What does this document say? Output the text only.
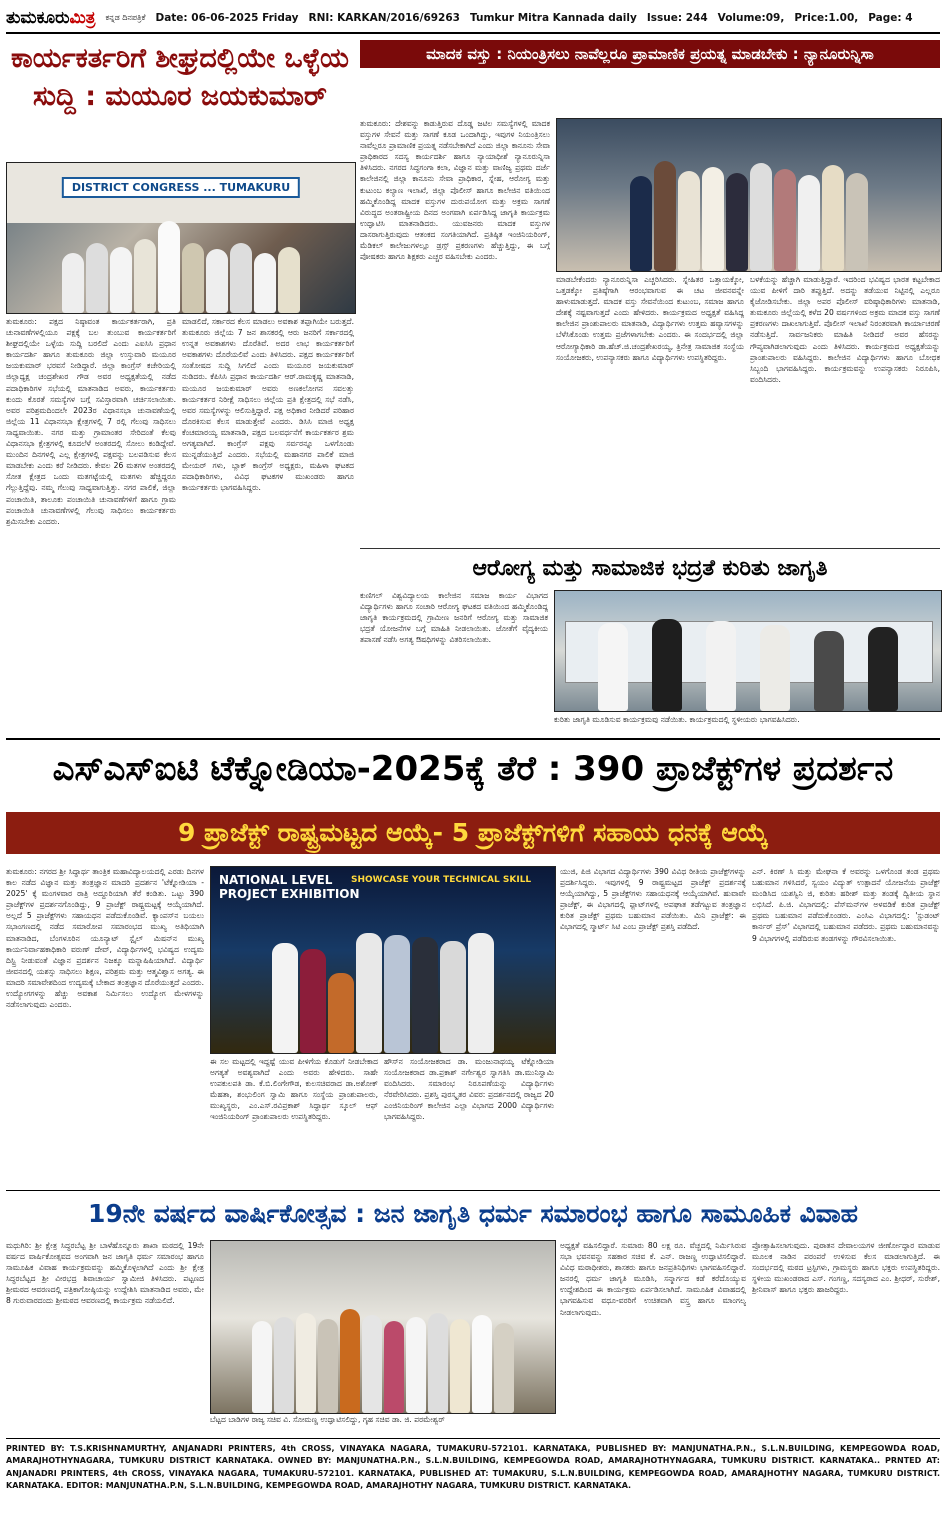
ತುಮಕೂರುಮಿತ್ರ ಕನ್ನಡ ದಿನಪತ್ರಿಕೆ Date: 06-06-2025 Friday RNI: KARKAN/2016/69263 Tumkur Mitra Kannada daily Issue: 244 Volume:09, Price:1.00, Page: 4
ಕಾರ್ಯಕರ್ತರಿಗೆ ಶೀಘ್ರದಲ್ಲಿಯೇ ಒಳ್ಳೆಯ ಸುದ್ದಿ : ಮಯೂರ ಜಯಕುಮಾರ್
DISTRICT CONGRESS ... TUMAKURU

ತುಮಕೂರು: ಪಕ್ಷದ ನಿಷ್ಠಾವಂತ ಕಾರ್ಯಕರ್ತರಾಗಿ, ಪ್ರತಿ ಚುನಾವಣೆಗಳಲ್ಲಿಯೂ ಪಕ್ಷಕ್ಕೆ ಬಲ ತುಂಬುವ ಕಾರ್ಯಕರ್ತರಿಗೆ ಶೀಘ್ರದಲ್ಲಿಯೇ ಒಳ್ಳೆಯ ಸುದ್ದಿ ಬರಲಿದೆ ಎಂದು ಎಐಸಿಸಿ ಪ್ರಧಾನ ಕಾರ್ಯದರ್ಶಿ ಹಾಗೂ ತುಮಕೂರು ಜಿಲ್ಲಾ ಉಸ್ತುವಾರಿ ಮಯೂರ ಜಯಕುಮಾರ್ ಭರವಸೆ ನೀಡಿದ್ದಾರೆ. ಜಿಲ್ಲಾ ಕಾಂಗ್ರೆಸ್ ಕಚೇರಿಯಲ್ಲಿ ಜಿಲ್ಲಾಧ್ಯಕ್ಷ ಚಂದ್ರಶೇಖರ ಗೌಡ ಅವರ ಅಧ್ಯಕ್ಷತೆಯಲ್ಲಿ ನಡೆದ ಪದಾಧಿಕಾರಿಗಳ ಸಭೆಯಲ್ಲಿ ಮಾತನಾಡಿದ ಅವರು, ಕಾರ್ಯಕರ್ತರು ಕುಂದು ಕೊರತೆ ಸಮಸ್ಯೆಗಳ ಬಗ್ಗೆ ಸವಿಸ್ತಾರವಾಗಿ ಚರ್ಚಿಸಲಾಯಿತು. ಅವರ ಪರಿಶ್ರಮದಿಂದಲೇ 2023ರ ವಿಧಾನಸಭಾ ಚುನಾವಣೆಯಲ್ಲಿ ಜಿಲ್ಲೆಯ 11 ವಿಧಾನಸಭಾ ಕ್ಷೇತ್ರಗಳಲ್ಲಿ 7 ರಲ್ಲಿ ಗೆಲುವು ಸಾಧಿಸಲು ಸಾಧ್ಯವಾಯಿತು. ನಗರ ಮತ್ತು ಗ್ರಾಮಾಂತರ ಸೇರಿದಂತೆ ಕೆಲವು ವಿಧಾನಸಭಾ ಕ್ಷೇತ್ರಗಳಲ್ಲಿ ಕೂದಲೆಳೆ ಅಂತರದಲ್ಲಿ ಸೋಲು ಕಂಡಿದ್ದೇವೆ. ಮುಂದಿನ ದಿನಗಳಲ್ಲಿ ಎಲ್ಲ ಕ್ಷೇತ್ರಗಳಲ್ಲಿ ಪಕ್ಷವನ್ನು ಬಲಪಡಿಸುವ ಕೆಲಸ ಮಾಡಬೇಕು ಎಂದು ಕರೆ ನೀಡಿದರು. ಕೇವಲ 26 ಮತಗಳ ಅಂತರದಲ್ಲಿ ಸೋತ ಕ್ಷೇತ್ರದ ಒಂದು ಮತಗಟ್ಟೆಯಲ್ಲಿ ಮತಗಳು ಹೆಚ್ಚಿದ್ದರೂ ಗೆಲ್ಲುತ್ತಿದ್ದೆವು. ನಮ್ಮ ಗೆಲುವು ಸಾಧ್ಯವಾಗುತ್ತಿತ್ತು. ನಗರ ಪಾಲಿಕೆ, ಜಿಲ್ಲಾ ಪಂಚಾಯಿತಿ, ತಾಲೂಕು ಪಂಚಾಯಿತಿ ಚುನಾವಣೆಗಳಿಗೆ ಹಾಗೂ ಗ್ರಾಮ ಪಂಚಾಯಿತಿ ಚುನಾವಣೆಗಳಲ್ಲಿ ಗೆಲುವು ಸಾಧಿಸಲು ಕಾರ್ಯಕರ್ತರು ಶ್ರಮಿಸಬೇಕು ಎಂದರು.

ಮಾಡಲಿದೆ, ಸರ್ಕಾರದ ಕೆಲಸ ಮಾಡಲು ಅವಕಾಶ ತಪ್ಪಾಗಿಯೇ ಬರುತ್ತದೆ. ತುಮಕೂರು ಜಿಲ್ಲೆಯ 7 ಜನ ಶಾಸಕರಲ್ಲಿ ಆರು ಜನರಿಗೆ ಸರ್ಕಾರದಲ್ಲಿ ಉನ್ನತ ಅವಕಾಶಗಳು ದೊರೆತಿವೆ. ಅದರ ಲಾಭ ಕಾರ್ಯಕರ್ತರಿಗೆ ಅವಕಾಶಗಳು ದೊರೆಯಲಿವೆ ಎಂದು ತಿಳಿಸಿದರು. ಪಕ್ಷದ ಕಾರ್ಯಕರ್ತರಿಗೆ ಸಂತೋಷದ ಸುದ್ದಿ ಸಿಗಲಿದೆ ಎಂದು ಮಯೂರ ಜಯಕುಮಾರ್ ನುಡಿದರು. ಕೆಪಿಸಿಸಿ ಪ್ರಧಾನ ಕಾರ್ಯದರ್ಶಿ ಆರ್.ರಾಮಕೃಷ್ಣ ಮಾತನಾಡಿ, ಮಯೂರ ಜಯಕುಮಾರ್ ಅವರು ಅಣಕಲೋಗನ ಸವಲತ್ತು ಕಾರ್ಯಕರ್ತರ ನಿರೀಕ್ಷೆ ಸಾಧಿಸಲು ಜಿಲ್ಲೆಯ ಪ್ರತಿ ಕ್ಷೇತ್ರದಲ್ಲಿ ಸಭೆ ನಡೆಸಿ, ಅವರ ಸಮಸ್ಯೆಗಳನ್ನು ಆಲಿಸುತ್ತಿದ್ದಾರೆ. ಪಕ್ಷ ಅಧಿಕಾರ ನೀಡಿದರೆ ಪರಿಹಾರ ದೊರಕಿಸುವ ಕೆಲಸ ಮಾಡುತ್ತೇವೆ ಎಂದರು. ಡಿಸಿಸಿ ಮಾಜಿ ಅಧ್ಯಕ್ಷ ಕೆಂಚಮಾರಯ್ಯ ಮಾತನಾಡಿ, ಪಕ್ಷದ ಬಲವರ್ಧನೆಗೆ ಕಾರ್ಯಕರ್ತರ ಶ್ರಮ ಅಗತ್ಯವಾಗಿದೆ. ಕಾಂಗ್ರೆಸ್ ಪಕ್ಷವು ಸರ್ವರನ್ನೂ ಒಳಗೊಂಡು ಮುನ್ನಡೆಯುತ್ತಿದೆ ಎಂದರು. ಸಭೆಯಲ್ಲಿ ಮಹಾನಗರ ಪಾಲಿಕೆ ಮಾಜಿ ಮೇಯರ್ ಗಳು, ಬ್ಲಾಕ್ ಕಾಂಗ್ರೆಸ್ ಅಧ್ಯಕ್ಷರು, ಮಹಿಳಾ ಘಟಕದ ಪದಾಧಿಕಾರಿಗಳು, ವಿವಿಧ ಘಟಕಗಳ ಮುಖಂಡರು ಹಾಗೂ ಕಾರ್ಯಕರ್ತರು ಭಾಗವಹಿಸಿದ್ದರು.

ಮಾದಕ ವಸ್ತು : ನಿಯಂತ್ರಿಸಲು ನಾವೆಲ್ಲರೂ ಪ್ರಾಮಾಣಿಕ ಪ್ರಯತ್ನ ಮಾಡಬೇಕು : ನ್ಯಾನೂರುನ್ನಿಸಾ

ತುಮಕೂರು: ದೇಶವನ್ನು ಕಾಡುತ್ತಿರುವ ದೊಡ್ಡ ಜಟಿಲ ಸಮಸ್ಯೆಗಳಲ್ಲಿ ಮಾದಕ ವಸ್ತುಗಳ ಸೇವನೆ ಮತ್ತು ಸಾಗಣೆ ಕೂಡ ಒಂದಾಗಿದ್ದು, ಇವುಗಳ ನಿಯಂತ್ರಿಸಲು ನಾವೆಲ್ಲರೂ ಪ್ರಾಮಾಣಿಕ ಪ್ರಯತ್ನ ನಡೆಸಬೇಕಾಗಿದೆ ಎಂದು ಜಿಲ್ಲಾ ಕಾನೂನು ಸೇವಾ ಪ್ರಾಧಿಕಾರದ ಸದಸ್ಯ ಕಾರ್ಯದರ್ಶಿ ಹಾಗೂ ನ್ಯಾಯಾಧೀಶೆ ನ್ಯಾನೂರುನ್ನಿಸಾ ತಿಳಿಸಿದರು. ನಗರದ ಸಿದ್ಧಗಂಗಾ ಕಲಾ, ವಿಜ್ಞಾನ ಮತ್ತು ವಾಣಿಜ್ಯ ಪ್ರಥಮ ದರ್ಜೆ ಕಾಲೇಜಿನಲ್ಲಿ ಜಿಲ್ಲಾ ಕಾನೂನು ಸೇವಾ ಪ್ರಾಧಿಕಾರ, ಸ್ನೇಹ, ಆರೋಗ್ಯ ಮತ್ತು ಕುಟುಂಬ ಕಲ್ಯಾಣ ಇಲಾಖೆ, ಜಿಲ್ಲಾ ಪೊಲೀಸ್ ಹಾಗೂ ಕಾಲೇಜಿನ ವತಿಯಿಂದ ಹಮ್ಮಿಕೊಂಡಿದ್ದ ಮಾದಕ ವಸ್ತುಗಳ ದುರುಪಯೋಗ ಮತ್ತು ಅಕ್ರಮ ಸಾಗಣೆ ವಿರುದ್ಧದ ಅಂತರಾಷ್ಟ್ರೀಯ ದಿನದ ಅಂಗವಾಗಿ ಏರ್ಪಡಿಸಿದ್ದ ಜಾಗೃತಿ ಕಾರ್ಯಕ್ರಮ ಉದ್ಘಾಟಿಸಿ ಮಾತನಾಡಿದರು. ಯುವಜನರು ಮಾದಕ ವಸ್ತುಗಳ ದಾಸರಾಗುತ್ತಿರುವುದು ಆತಂಕದ ಸಂಗತಿಯಾಗಿದೆ. ಪ್ರತಿಷ್ಠಿತ ಇಂಜಿನಿಯರಿಂಗ್, ಮೆಡಿಕಲ್ ಕಾಲೇಜುಗಳಲ್ಲೂ ಡ್ರಗ್ಸ್ ಪ್ರಕರಣಗಳು ಹೆಚ್ಚುತ್ತಿದ್ದು, ಈ ಬಗ್ಗೆ ಪೋಷಕರು ಹಾಗೂ ಶಿಕ್ಷಕರು ಎಚ್ಚರ ವಹಿಸಬೇಕು ಎಂದರು.

ಮಾಡಬೇಕೆಂದರು ನ್ಯಾನೂರುನ್ನಿಸಾ ಎಚ್ಚರಿಸಿದರು. ಸ್ನೇಹಿತರ ಒತ್ತಾಯಕ್ಕೋ, ಒತ್ತಡಕ್ಕೋ ಪ್ರತಿಷ್ಠೆಗಾಗಿ ಆರಂಭವಾಗುವ ಈ ಚಟ ಜೀವನವನ್ನೇ ಹಾಳುಮಾಡುತ್ತದೆ. ಮಾದಕ ವಸ್ತು ಸೇವನೆಯಿಂದ ಕುಟುಂಬ, ಸಮಾಜ ಹಾಗೂ ದೇಶಕ್ಕೆ ನಷ್ಟವಾಗುತ್ತದೆ ಎಂದು ಹೇಳಿದರು. ಕಾರ್ಯಕ್ರಮದ ಅಧ್ಯಕ್ಷತೆ ವಹಿಸಿದ್ದ ಕಾಲೇಜಿನ ಪ್ರಾಂಶುಪಾಲರು ಮಾತನಾಡಿ, ವಿದ್ಯಾರ್ಥಿಗಳು ಉತ್ತಮ ಹವ್ಯಾಸಗಳನ್ನು ಬೆಳೆಸಿಕೊಂಡು ಉತ್ತಮ ಪ್ರಜೆಗಳಾಗಬೇಕು ಎಂದರು. ಈ ಸಂದರ್ಭದಲ್ಲಿ ಜಿಲ್ಲಾ ಆರೋಗ್ಯಾಧಿಕಾರಿ ಡಾ.ಹೆಚ್.ಜಿ.ಚಂದ್ರಶೇಖರಯ್ಯ, ತ್ರಿನೇತ್ರ ಸಾಮಾಜಿಕ ಸಂಸ್ಥೆಯ ಸಂಯೋಜಕರು, ಉಪನ್ಯಾಸಕರು ಹಾಗೂ ವಿದ್ಯಾರ್ಥಿಗಳು ಉಪಸ್ಥಿತರಿದ್ದರು.

ಬಳಕೆಯನ್ನು ಹೆಚ್ಚಾಗಿ ಮಾಡುತ್ತಿದ್ದಾರೆ. ಇದರಿಂದ ಭವಿಷ್ಯದ ಭಾರತ ಕಟ್ಟಬೇಕಾದ ಯುವ ಪೀಳಿಗೆ ದಾರಿ ತಪ್ಪುತ್ತಿದೆ. ಅದನ್ನು ತಡೆಯುವ ನಿಟ್ಟಿನಲ್ಲಿ ಎಲ್ಲರೂ ಕೈಜೋಡಿಸಬೇಕು. ಜಿಲ್ಲಾ ಅಪರ ಪೊಲೀಸ್ ವರಿಷ್ಠಾಧಿಕಾರಿಗಳು ಮಾತನಾಡಿ, ತುಮಕೂರು ಜಿಲ್ಲೆಯಲ್ಲಿ ಕಳೆದ 20 ವರ್ಷಗಳಿಂದ ಅಕ್ರಮ ಮಾದಕ ವಸ್ತು ಸಾಗಣೆ ಪ್ರಕರಣಗಳು ದಾಖಲಾಗುತ್ತಿವೆ. ಪೊಲೀಸ್ ಇಲಾಖೆ ನಿರಂತರವಾಗಿ ಕಾರ್ಯಾಚರಣೆ ನಡೆಸುತ್ತಿದೆ. ಸಾರ್ವಜನಿಕರು ಮಾಹಿತಿ ನೀಡಿದರೆ ಅವರ ಹೆಸರನ್ನು ಗೌಪ್ಯವಾಗಿಡಲಾಗುವುದು ಎಂದು ತಿಳಿಸಿದರು. ಕಾರ್ಯಕ್ರಮದ ಅಧ್ಯಕ್ಷತೆಯನ್ನು ಪ್ರಾಂಶುಪಾಲರು ವಹಿಸಿದ್ದರು. ಕಾಲೇಜಿನ ವಿದ್ಯಾರ್ಥಿಗಳು ಹಾಗೂ ಬೋಧಕ ಸಿಬ್ಬಂದಿ ಭಾಗವಹಿಸಿದ್ದರು. ಕಾರ್ಯಕ್ರಮವನ್ನು ಉಪನ್ಯಾಸಕರು ನಿರೂಪಿಸಿ, ವಂದಿಸಿದರು.

ಆರೋಗ್ಯ ಮತ್ತು ಸಾಮಾಜಿಕ ಭದ್ರತೆ ಕುರಿತು ಜಾಗೃತಿ

ಕುಣಿಗಲ್ ವಿಶ್ವವಿದ್ಯಾಲಯ ಕಾಲೇಜಿನ ಸಮಾಜ ಕಾರ್ಯ ವಿಭಾಗದ ವಿದ್ಯಾರ್ಥಿಗಳು ಹಾಗೂ ಸಂಚಾರಿ ಆರೋಗ್ಯ ಘಟಕದ ವತಿಯಿಂದ ಹಮ್ಮಿಕೊಂಡಿದ್ದ ಜಾಗೃತಿ ಕಾರ್ಯಕ್ರಮದಲ್ಲಿ ಗ್ರಾಮೀಣ ಜನರಿಗೆ ಆರೋಗ್ಯ ಮತ್ತು ಸಾಮಾಜಿಕ ಭದ್ರತೆ ಯೋಜನೆಗಳ ಬಗ್ಗೆ ಮಾಹಿತಿ ನೀಡಲಾಯಿತು. ಜೋತೆಗೆ ವೈದ್ಯಕೀಯ ತಪಾಸಣೆ ನಡೆಸಿ ಅಗತ್ಯ ಔಷಧಿಗಳನ್ನು ವಿತರಿಸಲಾಯಿತು.

ಕುರಿತು ಜಾಗೃತಿ ಮೂಡಿಸುವ ಕಾರ್ಯಕ್ರಮವು ನಡೆಯಿತು. ಕಾರ್ಯಕ್ರಮದಲ್ಲಿ ಸ್ಥಳೀಯರು ಭಾಗವಹಿಸಿದರು.

ಎಸ್‌ಎಸ್‌ಐಟಿ ಟೆಕ್ನೋಡಿಯಾ-2025ಕ್ಕೆ ತೆರೆ : 390 ಪ್ರಾಜೆಕ್ಟ್‌ಗಳ ಪ್ರದರ್ಶನ
9 ಪ್ರಾಜೆಕ್ಟ್ ರಾಷ್ಟ್ರಮಟ್ಟದ ಆಯ್ಕೆ- 5 ಪ್ರಾಜೆಕ್ಟ್‌ಗಳಿಗೆ ಸಹಾಯ ಧನಕ್ಕೆ ಆಯ್ಕೆ

ತುಮಕೂರು: ನಗರದ ಶ್ರೀ ಸಿದ್ಧಾರ್ಥ ತಾಂತ್ರಿಕ ಮಹಾವಿದ್ಯಾಲಯದಲ್ಲಿ ಎರಡು ದಿನಗಳ ಕಾಲ ನಡೆದ ವಿಜ್ಞಾನ ಮತ್ತು ತಂತ್ರಜ್ಞಾನ ಮಾದರಿ ಪ್ರದರ್ಶನ 'ಟೆಕ್ನೋಡಿಯಾ - 2025' ಕ್ಕೆ ಮಂಗಳವಾರ ರಾತ್ರಿ ಅದ್ದೂರಿಯಾಗಿ ತೆರೆ ಕಂಡಿತು. ಒಟ್ಟು 390 ಪ್ರಾಜೆಕ್ಟ್‌ಗಳ ಪ್ರದರ್ಶನಗೊಂಡಿದ್ದು, 9 ಪ್ರಾಜೆಕ್ಟ್ ರಾಷ್ಟ್ರಮಟ್ಟಕ್ಕೆ ಆಯ್ಕೆಯಾಗಿದೆ. ಅಲ್ಲದೆ 5 ಪ್ರಾಜೆಕ್ಟ್‌ಗಳು ಸಹಾಯಧನ ಪಡೆದುಕೊಂಡಿವೆ. ಕ್ಯಾಂಪಸ್‌ನ ಬಯಲು ಸಭಾಂಗಣದಲ್ಲಿ ನಡೆದ ಸಮಾರೋಪ ಸಮಾರಂಭದ ಮುಖ್ಯ ಅತಿಥಿಯಾಗಿ ಮಾತನಾಡಿದ, ಬೆಂಗಳೂರಿನ ಯೂನ್ಯಾಟ್ ಸ್ಟೈಲ್ ಮಿಷನ್‌ನ ಮುಖ್ಯ ಕಾರ್ಯನಿರ್ವಾಹಕಾಧಿಕಾರಿ ವರುಣ್ ದೇವ್, ವಿದ್ಯಾರ್ಥಿಗಳಲ್ಲಿ ಭವಿಷ್ಯದ ಉದ್ಯಮ ದಿಸ್ಟ್ರಿ ನೀಡುವಂತೆ ವಿಜ್ಞಾನ ಪ್ರದರ್ಶನ ನಿಜಕ್ಕೂ ಮನ್ನಾಷಿಷಿಯಾಗಿದೆ. ವಿದ್ಯಾರ್ಥಿ ಜೀವನದಲ್ಲಿ ಯಶಸ್ಸು ಸಾಧಿಸಲು ಶಿಕ್ಷಣ, ಪರಿಶ್ರಮ ಮತ್ತು ಆತ್ಮವಿಶ್ವಾಸ ಅಗತ್ಯ. ಈ ಮಾದರಿ ಸಮಾವೇಶದಿಂದ ಉದ್ಯಮಕ್ಕೆ ಬೇಕಾದ ತಂತ್ರಜ್ಞಾನ ದೊರೆಯುತ್ತದೆ ಎಂದರು. ಉದ್ಯೋಗಗಳನ್ನು ಹೆಚ್ಚು ಅವಕಾಶ ನಿರ್ಮಿಸಲು ಉದ್ಯೋಗ ಮೇಳಗಳನ್ನು ನಡೆಸಲಾಗುವುದು ಎಂದರು.

NATIONAL LEVEL PROJECT EXHIBITION
SHOWCASE YOUR TECHNICAL SKILL

ಈ ಸಲ ಮಟ್ಟದಲ್ಲಿ ಇದ್ದಷ್ಟೆ ಯುವ ಪೀಳಿಗೆಯ ಕೊಡುಗೆ ನೀಡಬೇಕಾದ ಅಗತ್ಯತೆ ಅವಶ್ಯವಾಗಿದೆ ಎಂದು ಅವರು ಹೇಳಿದರು. ಸಾಹೇ ಉಪಕುಲಪತಿ ಡಾ. ಕೆ.ಬಿ.ಲಿಂಗೇಗೌಡ, ಕುಲಸಚಿವರಾದ ಡಾ.ಅಶೋಕ್ ಮೆಹತಾ, ಶಂಭುಲಿಂಗ ಸ್ವಾಮಿ ಹಾಗೂ ಸಂಸ್ಥೆಯ ಪ್ರಾಂಶುಪಾಲರು, ಮುಖ್ಯಸ್ಥರು, ಎಂ.ಎಸ್.ರವಿಪ್ರಕಾಶ್ ಸಿದ್ಧಾರ್ಥ ಸ್ಕೂಲ್ ಆಫ್ ಇಂಜಿನಿಯರಿಂಗ್ ಪ್ರಾಂಶುಪಾಲರು ಉಪಸ್ಥಿತರಿದ್ದರು.

ಹೌಸ್‌ನ ಸಂಯೋಜಕರಾದ ಡಾ. ಮಂಜುನಾಥಯ್ಯ ಟೆಕ್ನೋಡಿಯಾ ಸಂಯೋಜಕರಾದ ಡಾ.ಪ್ರಕಾಶ್ ನರ್ಗೇಶ್ವರ ಸ್ವಾಗತಿಸಿ ಡಾ.ಮುನಿಸ್ವಾಮಿ ವಂದಿಸಿದರು. ಸಮಾರಂಭ ನಿರೂಪಣೆಯನ್ನು ವಿದ್ಯಾರ್ಥಿಗಳು ನೆರವೇರಿಸಿದರು. ಪ್ರಶಸ್ತಿ ಪುರಸ್ಕೃತರ ವಿವರ: ಪ್ರದರ್ಶನದಲ್ಲಿ ರಾಜ್ಯದ 20 ಎಂಜಿನಿಯರಿಂಗ್ ಕಾಲೇಜಿನ ಎಲ್ಲಾ ವಿಭಾಗದ 2000 ವಿದ್ಯಾರ್ಥಿಗಳು ಭಾಗವಹಿಸಿದ್ದರು.

ಯುಜಿ, ಪಿಜಿ ವಿಭಾಗದ ವಿದ್ಯಾರ್ಥಿಗಳು 390 ವಿವಿಧ ರೀತಿಯ ಪ್ರಾಜೆಕ್ಟ್‌ಗಳನ್ನು ಪ್ರದರ್ಶಿಸಿದ್ದರು. ಇವುಗಳಲ್ಲಿ 9 ರಾಷ್ಟ್ರಮಟ್ಟದ ಪ್ರಾಜೆಕ್ಟ್ ಪ್ರದರ್ಶನಕ್ಕೆ ಆಯ್ಕೆಯಾಗಿದ್ದು, 5 ಪ್ರಾಜೆಕ್ಟ್‌ಗಳು ಸಹಾಯಧನಕ್ಕೆ ಆಯ್ಕೆಯಾಗಿವೆ. ಹುವಾವೇ ಪ್ರಾಜೆಕ್ಟ್, ಈ ವಿಭಾಗದಲ್ಲಿ ಫ್ಲಾಟ್‌ಗಳಲ್ಲಿ ಅಪಘಾತ ತಡೆಗಟ್ಟುವ ತಂತ್ರಜ್ಞಾನ ಕುರಿತ ಪ್ರಾಜೆಕ್ಟ್ ಪ್ರಥಮ ಬಹುಮಾನ ಪಡೆಯಿತು. ಮಿನಿ ಪ್ರಾಜೆಕ್ಟ್: ಈ ವಿಭಾಗದಲ್ಲಿ ಸ್ಮಾರ್ಟ್ ಸಿಟಿ ಎಂಬ ಪ್ರಾಜೆಕ್ಟ್ ಪ್ರಶಸ್ತಿ ಪಡೆದಿದೆ.

ಎನ್. ಕಿರಣ್ ಸಿ ಮತ್ತು ಮೇಘನಾ ಕೆ ಅವರನ್ನು ಒಳಗೊಂಡ ತಂಡ ಪ್ರಥಮ ಬಹುಮಾನ ಗಳಿಸಿದರೆ, ಸ್ವಯಂ ವಿದ್ಯುತ್ ಉತ್ಪಾದನೆ ಯೋಜನೆಯ ಪ್ರಾಜೆಕ್ಟ್ ಮಂಡಿಸಿದ ಯಶಸ್ವಿನಿ ಜಿ, ಕುರಿತು ಹರೀಶ್ ಮತ್ತು ತಂಡಕ್ಕೆ ದ್ವಿತೀಯ ಸ್ಥಾನ ಲಭಿಸಿದೆ. ಪಿ.ಜಿ. ವಿಭಾಗದಲ್ಲಿ: ಪೆಸ್‌ಮನ್‌ಗಳ ಅಳವಡಿಕೆ ಕುರಿತ ಪ್ರಾಜೆಕ್ಟ್ ಪ್ರಥಮ ಬಹುಮಾನ ಪಡೆದುಕೊಂಡರು. ಎಂಸಿಎ ವಿಭಾಗದಲ್ಲಿ: 'ಸ್ಟುಡಂಟ್ ಕಾರ್ನರ್ ಪ್ರೆಸ್' ವಿಭಾಗದಲ್ಲಿ ಬಹುಮಾನ ಪಡೆದರು. ಪ್ರಥಮ ಬಹುಮಾನವನ್ನು 9 ವಿಭಾಗಗಳಲ್ಲಿ ಪಡೆದಿರುವ ತಂಡಗಳನ್ನು ಗೌರವಿಸಲಾಯಿತು.

19ನೇ ವರ್ಷದ ವಾರ್ಷಿಕೋತ್ಸವ : ಜನ ಜಾಗೃತಿ ಧರ್ಮ ಸಮಾರಂಭ ಹಾಗೂ ಸಾಮೂಹಿಕ ವಿವಾಹ

ಮಧುಗಿರಿ: ಶ್ರೀ ಕ್ಷೇತ್ರ ಸಿದ್ಧರಬೆಟ್ಟ ಶ್ರೀ ಬಾಳೆಹೊನ್ನೂರು ಶಾಖಾ ಮಠದಲ್ಲಿ 19ನೇ ವರ್ಷದ ವಾರ್ಷಿಕೋತ್ಸವದ ಅಂಗವಾಗಿ ಜನ ಜಾಗೃತಿ ಧರ್ಮ ಸಮಾರಂಭ ಹಾಗೂ ಸಾಮೂಹಿಕ ವಿವಾಹ ಕಾರ್ಯಕ್ರಮವನ್ನು ಹಮ್ಮಿಕೊಳ್ಳಲಾಗಿದೆ ಎಂದು ಶ್ರೀ ಕ್ಷೇತ್ರ ಸಿದ್ಧರಬೆಟ್ಟದ ಶ್ರೀ ವೀರಭದ್ರ ಶಿವಾಚಾರ್ಯ ಸ್ವಾಮೀಜಿ ತಿಳಿಸಿದರು. ಪಟ್ಟಣದ ಶ್ರೀಮಠದ ಆವರಣದಲ್ಲಿ ಪತ್ರಿಕಾಗೋಷ್ಠಿಯನ್ನು ಉದ್ದೇಶಿಸಿ ಮಾತನಾಡಿದ ಅವರು, ಮೇ 8 ಗುರುವಾರದಂದು ಶ್ರೀಮಠದ ಆವರಣದಲ್ಲಿ ಕಾರ್ಯಕ್ರಮ ನಡೆಯಲಿದೆ.

ಬೆಟ್ಟದ ಬಾಡಿಗಳ ರಾಜ್ಯ ಸಚಿವ ವಿ. ಸೋಮಣ್ಣ ಉದ್ಘಾಟಿಸಲಿದ್ದು, ಗೃಹ ಸಚಿವ ಡಾ. ಜಿ. ಪರಮೇಶ್ವರ್

ಅಧ್ಯಕ್ಷತೆ ವಹಿಸಲಿದ್ದಾರೆ. ಸುಮಾರು 80 ಲಕ್ಷ ರೂ. ವೆಚ್ಚದಲ್ಲಿ ನಿರ್ಮಿಸಿರುವ ಸಭಾ ಭವನವನ್ನು ಸಹಕಾರ ಸಚಿವ ಕೆ. ಎನ್. ರಾಜಣ್ಣ ಉದ್ಘಾಟಿಸಲಿದ್ದಾರೆ. ವಿವಿಧ ಮಠಾಧೀಶರು, ಶಾಸಕರು ಹಾಗೂ ಜನಪ್ರತಿನಿಧಿಗಳು ಭಾಗವಹಿಸಲಿದ್ದಾರೆ. ಜನರಲ್ಲಿ ಧರ್ಮ ಜಾಗೃತಿ ಮೂಡಿಸಿ, ಸನ್ಮಾರ್ಗದ ಕಡೆ ಕರೆದೊಯ್ಯುವ ಉದ್ದೇಶದಿಂದ ಈ ಕಾರ್ಯಕ್ರಮ ಏರ್ಪಡಿಸಲಾಗಿದೆ. ಸಾಮೂಹಿಕ ವಿವಾಹದಲ್ಲಿ ಭಾಗವಹಿಸುವ ವಧೂ-ವರರಿಗೆ ಉಚಿತವಾಗಿ ವಸ್ತ್ರ ಹಾಗೂ ಮಾಂಗಲ್ಯ ನೀಡಲಾಗುವುದು.

ಪ್ರೋತ್ಸಾಹಿಸಲಾಗುವುದು. ಪುರಾತನ ದೇವಾಲಯಗಳ ಜೀರ್ಣೋದ್ಧಾರ ಮಾಡುವ ಮೂಲಕ ನಾಡಿನ ಪರಂಪರೆ ಉಳಿಸುವ ಕೆಲಸ ಮಾಡಲಾಗುತ್ತಿದೆ. ಈ ಸಂದರ್ಭದಲ್ಲಿ ಮಠದ ಟ್ರಸ್ಟಿಗಳು, ಗ್ರಾಮಸ್ಥರು ಹಾಗೂ ಭಕ್ತರು ಉಪಸ್ಥಿತರಿದ್ದರು. ಸ್ಥಳೀಯ ಮುಖಂಡರಾದ ಎಸ್. ಗಂಗಣ್ಣ, ಸದಸ್ಯರಾದ ಎಂ. ಶ್ರೀಧರ್, ಸುರೇಶ್, ಶ್ರೀನಿವಾಸ್ ಹಾಗೂ ಭಕ್ತರು ಹಾಜರಿದ್ದರು.

PRINTED BY: T.S.KRISHNAMURTHY, ANJANADRI PRINTERS, 4th CROSS, VINAYAKA NAGARA, TUMAKURU-572101. KARNATAKA, PUBLISHED BY: MANJUNATHA.P.N., S.L.N.BUILDING, KEMPEGOWDA ROAD, AMARAJHOTHYNAGARA, TUMKURU DISTRICT KARNATAKA. OWNED BY: MANJUNATHA.P.N., S.L.N.BUILDING, KEMPEGOWDA ROAD, AMARAJHOTHYNAGARA, TUMKURU DISTRICT. KARNATAKA.. PRNTED AT: ANJANADRI PRINTERS, 4th CROSS, VINAYAKA NAGARA, TUMAKURU-572101. KARNATAKA, PUBLISHED AT: TUMAKURU, S.L.N.BUILDING, KEMPEGOWDA ROAD, AMARAJHOTHY NAGARA, TUMKURU DISTRICT. KARNATAKA. EDITOR: MANJUNATHA.P.N, S.L.N.BUILDING, KEMPEGOWDA ROAD, AMARAJHOTHY NAGARA, TUMKURU DISTRICT. KARNATAKA.
